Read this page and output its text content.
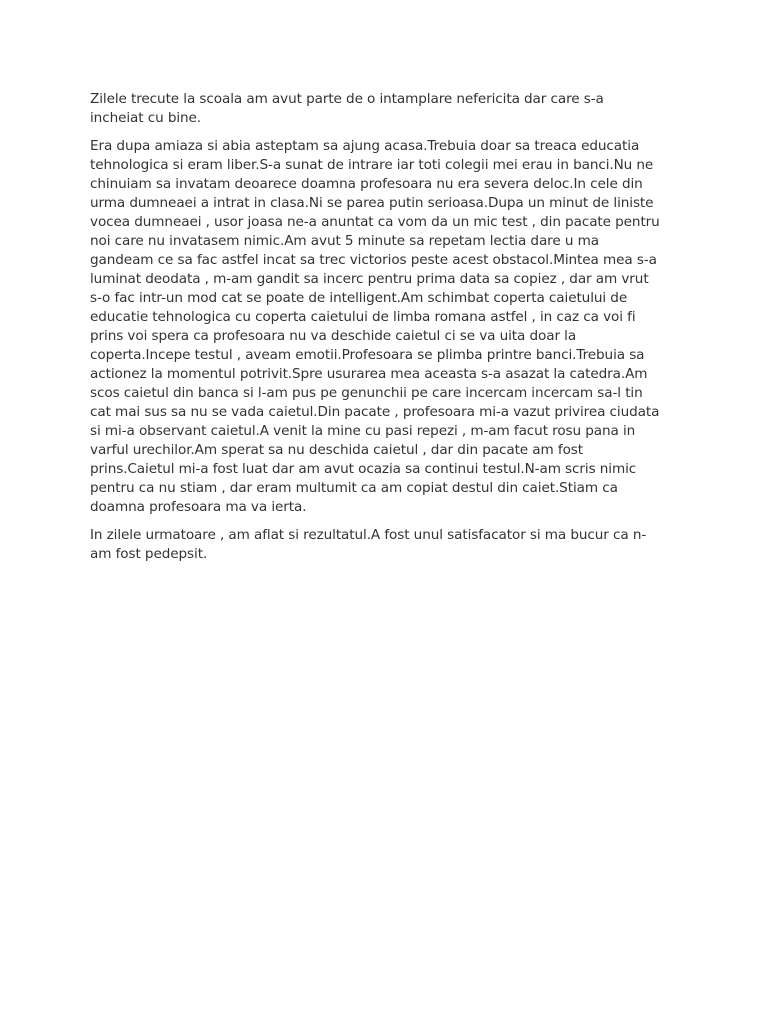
Zilele trecute la scoala am avut parte de o intamplare nefericita dar care s-a
incheiat cu bine.

Era dupa amiaza si abia asteptam sa ajung acasa.Trebuia doar sa treaca educatia
tehnologica si eram liber.S-a sunat de intrare iar toti colegii mei erau in banci.Nu ne
chinuiam sa invatam deoarece doamna profesoara nu era severa deloc.In cele din
urma dumneaei a intrat in clasa.Ni se parea putin serioasa.Dupa un minut de liniste
vocea dumneaei , usor joasa ne-a anuntat ca vom da un mic test , din pacate pentru
noi care nu invatasem nimic.Am avut 5 minute sa repetam lectia dare u ma
gandeam ce sa fac astfel incat sa trec victorios peste acest obstacol.Mintea mea s-a
luminat deodata , m-am gandit sa incerc pentru prima data sa copiez , dar am vrut
s-o fac intr-un mod cat se poate de intelligent.Am schimbat coperta caietului de
educatie tehnologica cu coperta caietului de limba romana astfel , in caz ca voi fi
prins voi spera ca profesoara nu va deschide caietul ci se va uita doar la
coperta.Incepe testul , aveam emotii.Profesoara se plimba printre banci.Trebuia sa
actionez la momentul potrivit.Spre usurarea mea aceasta s-a asazat la catedra.Am
scos caietul din banca si l-am pus pe genunchii pe care incercam incercam sa-l tin
cat mai sus sa nu se vada caietul.Din pacate , profesoara mi-a vazut privirea ciudata
si mi-a observant caietul.A venit la mine cu pasi repezi , m-am facut rosu pana in
varful urechilor.Am sperat sa nu deschida caietul , dar din pacate am fost
prins.Caietul mi-a fost luat dar am avut ocazia sa continui testul.N-am scris nimic
pentru ca nu stiam , dar eram multumit ca am copiat destul din caiet.Stiam ca
doamna profesoara ma va ierta.

In zilele urmatoare , am aflat si rezultatul.A fost unul satisfacator si ma bucur ca n-
am fost pedepsit.
